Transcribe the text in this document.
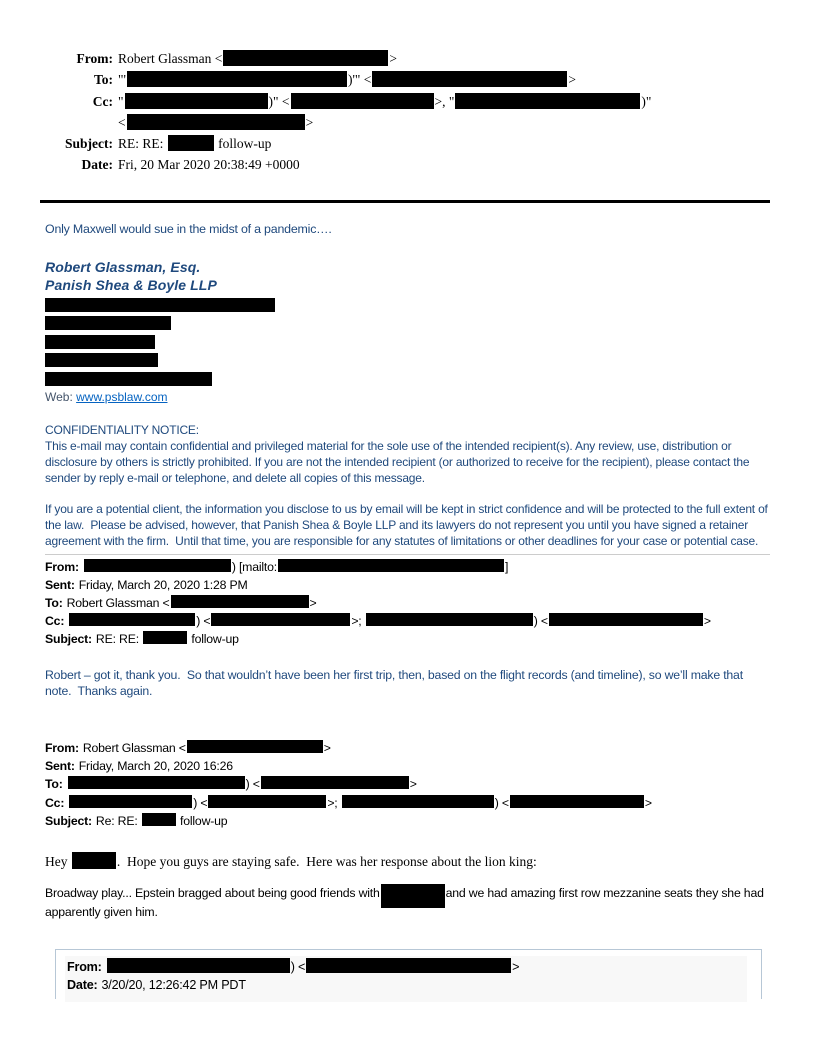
From:	Robert Glassman < >
To:	"' )'" < >
Cc:	" )" < >, " )"
< >
Subject:	RE: RE: follow-up
Date:	Fri, 20 Mar 2020 20:38:49 +0000

Only Maxwell would sue in the midst of a pandemic….

Robert Glassman, Esq.
Panish Shea & Boyle LLP
Web: www.psblaw.com

CONFIDENTIALITY NOTICE:
This e-mail may contain confidential and privileged material for the sole use of the intended recipient(s). Any review, use, distribution or disclosure by others is strictly prohibited. If you are not the intended recipient (or authorized to receive for the recipient), please contact the sender by reply e-mail or telephone, and delete all copies of this message.

If you are a potential client, the information you disclose to us by email will be kept in strict confidence and will be protected to the full extent of the law.  Please be advised, however, that Panish Shea & Boyle LLP and its lawyers do not represent you until you have signed a retainer agreement with the firm.  Until that time, you are responsible for any statutes of limitations or other deadlines for your case or potential case.

From:	) [mailto:	]
Sent: Friday, March 20, 2020 1:28 PM
To: Robert Glassman <	>
Cc:	) <	>;	) <	>
Subject: RE: RE:	follow-up

Robert – got it, thank you.  So that wouldn’t have been her first trip, then, based on the flight records (and timeline), so we’ll make that note.  Thanks again.

From: Robert Glassman <	>
Sent: Friday, March 20, 2020 16:26
To:	) <	>
Cc:	) <	>;	) <	>
Subject: Re: RE:	follow-up

Hey	.  Hope you guys are staying safe.  Here was her response about the lion king:

Broadway play... Epstein bragged about being good friends with	and we had amazing first row mezzanine seats they she had apparently given him.

From:	) <	>
Date: 3/20/20, 12:26:42 PM PDT
